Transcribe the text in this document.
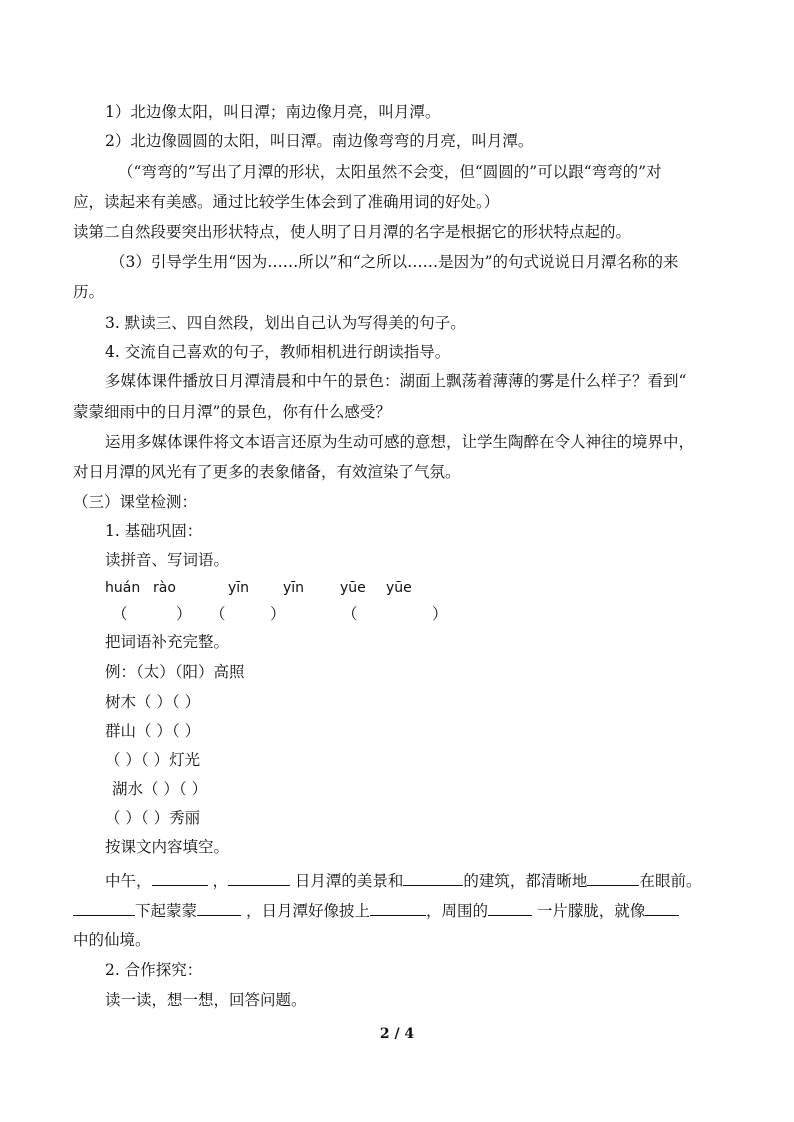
1）北边像太阳，叫日潭；南边像月亮，叫月潭。
2）北边像圆圆的太阳，叫日潭。南边像弯弯的月亮，叫月潭。
（“弯弯的”写出了月潭的形状，太阳虽然不会变，但“圆圆的”可以跟“弯弯的”对
应，读起来有美感。通过比较学生体会到了准确用词的好处。）
读第二自然段要突出形状特点，使人明了日月潭的名字是根据它的形状特点起的。
（3）引导学生用“因为……所以”和“之所以……是因为”的句式说说日月潭名称的来
历。
3. 默读三、四自然段，划出自己认为写得美的句子。
4. 交流自己喜欢的句子，教师相机进行朗读指导。
多媒体课件播放日月潭清晨和中午的景色：湖面上飘荡着薄薄的雾是什么样子？看到“
蒙蒙细雨中的日月潭”的景色，你有什么感受？
运用多媒体课件将文本语言还原为生动可感的意想，让学生陶醉在令人神往的境界中，
对日月潭的风光有了更多的表象储备，有效渲染了气氛。
（三）课堂检测：
1. 基础巩固：
读拼音、写词语。
huán rào	yīn yīn	yūe yūe
（	） （	）	（	）
把词语补充完整。
例：（太）（阳）高照
树木（ ）（ ）
群山（ ）（ ）
（ ）（ ）灯光
湖水（ ）（ ）
（ ）（ ）秀丽
按课文内容填空。
中午，	，	日月潭的美景和	的建筑，都清晰地	在眼前。
下起蒙蒙	，日月潭好像披上	，周围的	一片朦胧，就像
中的仙境。
2. 合作探究：
读一读，想一想，回答问题。
2 / 4
